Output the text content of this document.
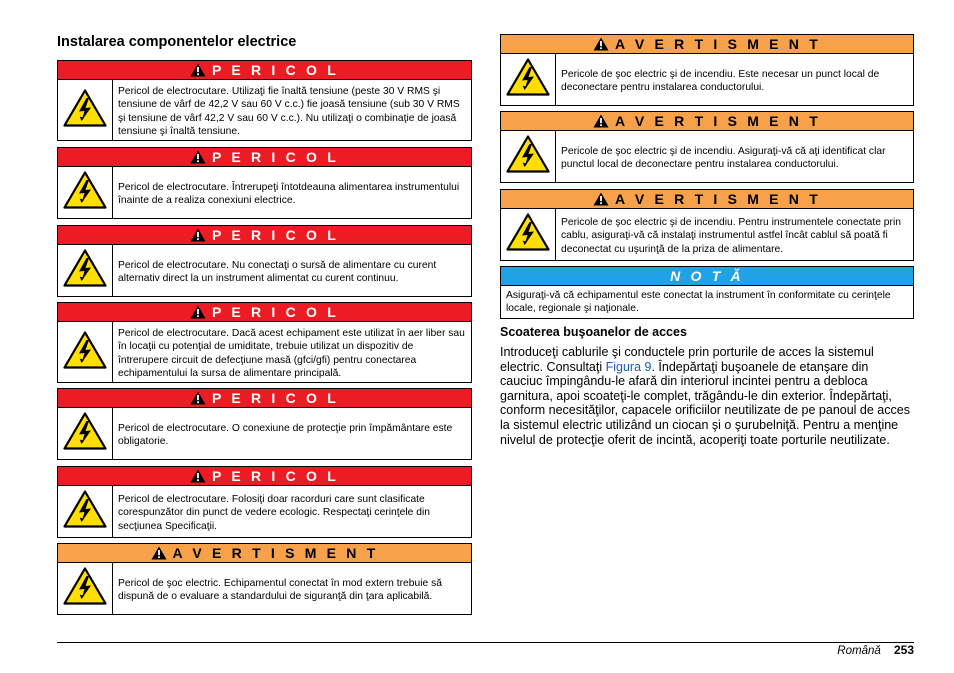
Instalarea componentelor electrice
P E R I C O L
Pericol de electrocutare. Utilizaţi fie înaltă tensiune (peste 30 V RMS şi tensiune de vârf de 42,2 V sau 60 V c.c.) fie joasă tensiune (sub 30 V RMS şi tensiune de vârf 42,2 V sau 60 V c.c.). Nu utilizaţi o combinaţie de joasă tensiune şi înaltă tensiune.
P E R I C O L
Pericol de electrocutare. Întrerupeţi întotdeauna alimentarea instrumentului înainte de a realiza conexiuni electrice.
P E R I C O L
Pericol de electrocutare. Nu conectaţi o sursă de alimentare cu curent alternativ direct la un instrument alimentat cu curent continuu.
P E R I C O L
Pericol de electrocutare. Dacă acest echipament este utilizat în aer liber sau în locaţii cu potenţial de umiditate, trebuie utilizat un dispozitiv de întrerupere circuit de defecţiune masă (gfci/gfi) pentru conectarea echipamentului la sursa de alimentare principală.
P E R I C O L
Pericol de electrocutare. O conexiune de protecţie prin împământare este obligatorie.
P E R I C O L
Pericol de electrocutare. Folosiţi doar racorduri care sunt clasificate corespunzător din punct de vedere ecologic. Respectaţi cerinţele din secţiunea Specificaţii.
A V E R T I S M E N T
Pericol de şoc electric. Echipamentul conectat în mod extern trebuie să dispună de o evaluare a standardului de siguranţă din ţara aplicabilă.
A V E R T I S M E N T
Pericole de şoc electric şi de incendiu. Este necesar un punct local de deconectare pentru instalarea conductorului.
A V E R T I S M E N T
Pericole de şoc electric şi de incendiu. Asiguraţi-vă că aţi identificat clar punctul local de deconectare pentru instalarea conductorului.
A V E R T I S M E N T
Pericole de şoc electric şi de incendiu. Pentru instrumentele conectate prin cablu, asiguraţi-vă că instalaţi instrumentul astfel încât cablul să poată fi deconectat cu uşurinţă de la priza de alimentare.
N O T Ă
Asiguraţi-vă că echipamentul este conectat la instrument în conformitate cu cerinţele locale, regionale şi naţionale.
Scoaterea buşoanelor de acces

Introduceţi cablurile şi conductele prin porturile de acces la sistemul electric. Consultaţi Figura 9. Îndepărtaţi buşoanele de etanşare din cauciuc împingându-le afară din interiorul incintei pentru a debloca garnitura, apoi scoateţi-le complet, trăgându-le din exterior. Îndepărtaţi, conform necesităţilor, capacele orificiilor neutilizate de pe panoul de acces la sistemul electric utilizând un ciocan şi o şurubelniţă. Pentru a menţine nivelul de protecţie oferit de incintă, acoperiţi toate porturile neutilizate.

Română 253
